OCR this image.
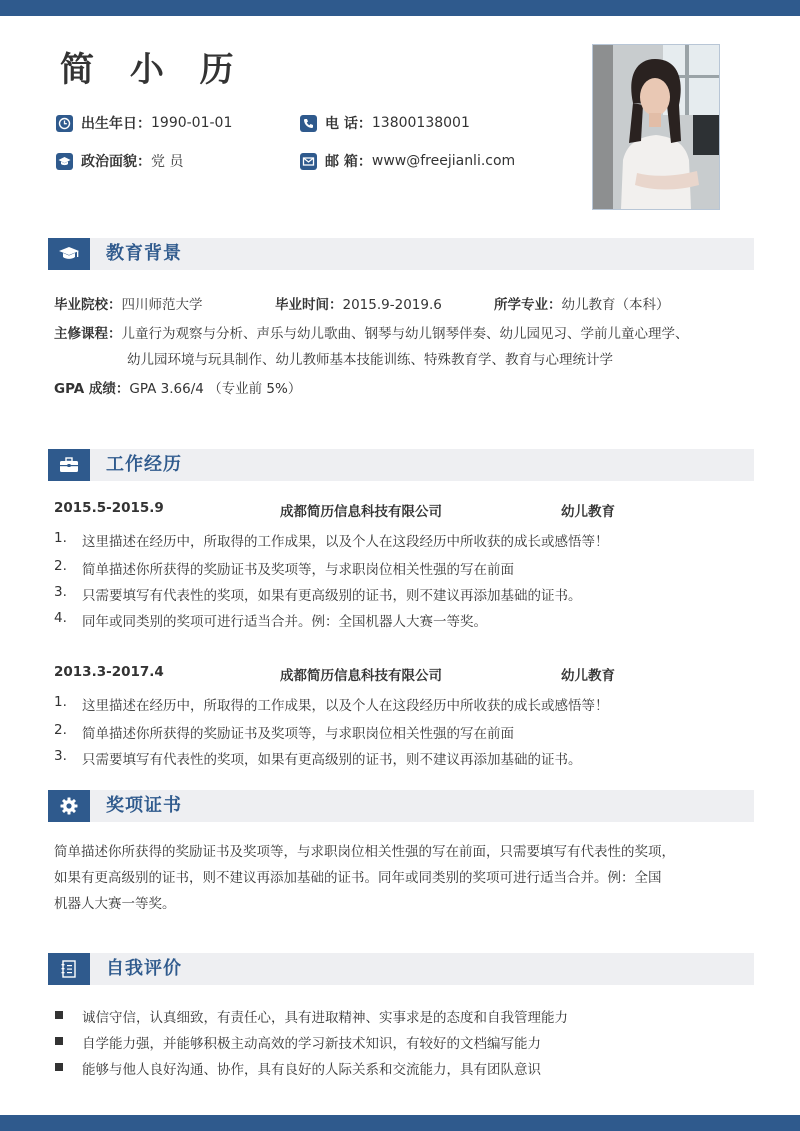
简 小 历
出生年日： 1990-01-01	电 话： 13800138001
政治面貌： 党 员	邮 箱： www@freejianli.com
教育背景
毕业院校：四川师范大学	毕业时间：2015.9-2019.6	所学专业：幼儿教育（本科）
主修课程：儿童行为观察与分析、声乐与幼儿歌曲、钢琴与幼儿钢琴伴奏、幼儿园见习、学前儿童心理学、
幼儿园环境与玩具制作、幼儿教师基本技能训练、特殊教育学、教育与心理统计学
GPA 成绩：GPA 3.66/4 （专业前 5%）
工作经历
2015.5-2015.9	成都简历信息科技有限公司	幼儿教育
1. 这里描述在经历中，所取得的工作成果，以及个人在这段经历中所收获的成长或感悟等！
2. 简单描述你所获得的奖励证书及奖项等，与求职岗位相关性强的写在前面
3. 只需要填写有代表性的奖项，如果有更高级别的证书，则不建议再添加基础的证书。
4. 同年或同类别的奖项可进行适当合并。例：全国机器人大赛一等奖。
2013.3-2017.4	成都简历信息科技有限公司	幼儿教育
1. 这里描述在经历中，所取得的工作成果，以及个人在这段经历中所收获的成长或感悟等！
2. 简单描述你所获得的奖励证书及奖项等，与求职岗位相关性强的写在前面
3. 只需要填写有代表性的奖项，如果有更高级别的证书，则不建议再添加基础的证书。
奖项证书
简单描述你所获得的奖励证书及奖项等，与求职岗位相关性强的写在前面，只需要填写有代表性的奖项，
如果有更高级别的证书，则不建议再添加基础的证书。同年或同类别的奖项可进行适当合并。例：全国
机器人大赛一等奖。
自我评价
诚信守信，认真细致，有责任心，具有进取精神、实事求是的态度和自我管理能力
自学能力强，并能够积极主动高效的学习新技术知识，有较好的文档编写能力
能够与他人良好沟通、协作，具有良好的人际关系和交流能力，具有团队意识
